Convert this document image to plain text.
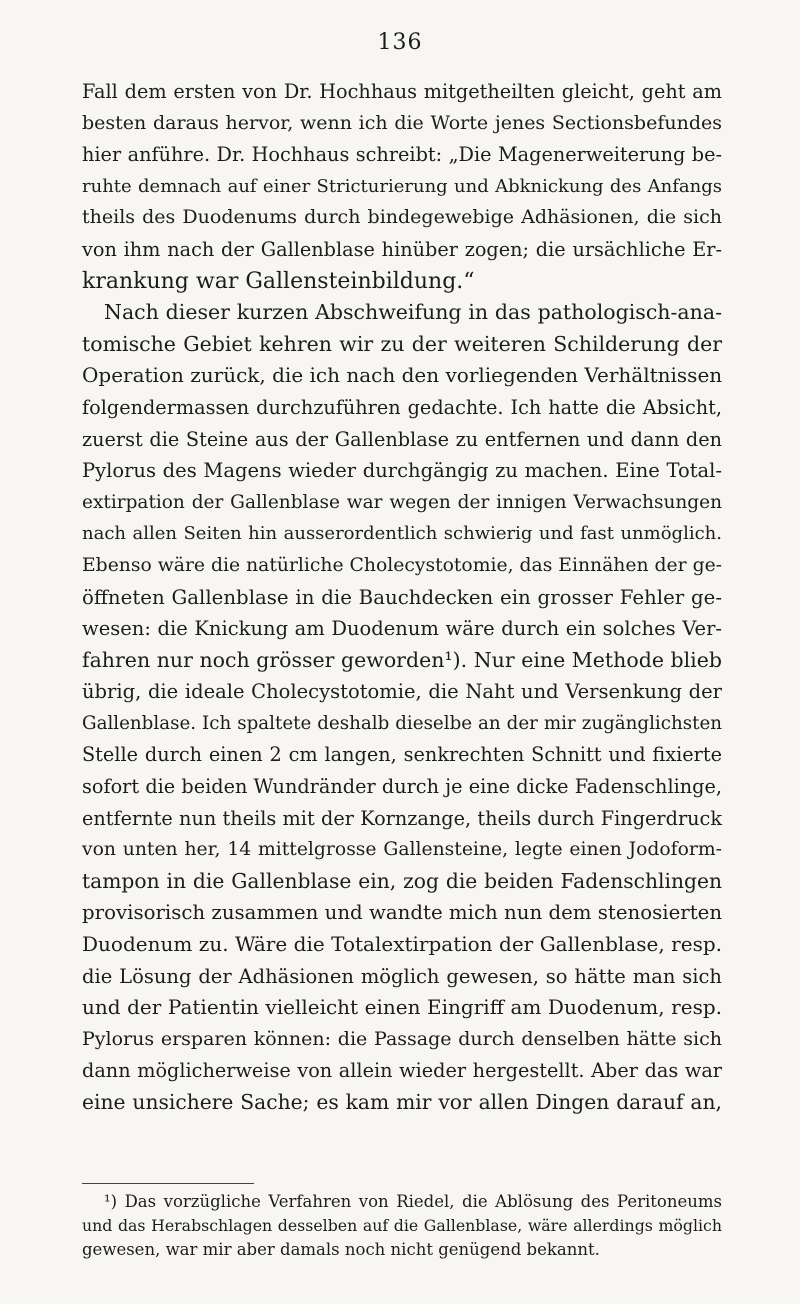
136
Fall dem ersten von Dr. Hochhaus mitgetheilten gleicht, geht am
besten daraus hervor, wenn ich die Worte jenes Sectionsbefundes
hier anführe. Dr. Hochhaus schreibt: „Die Magenerweiterung be-
ruhte demnach auf einer Stricturierung und Abknickung des Anfangs
theils des Duodenums durch bindegewebige Adhäsionen, die sich
von ihm nach der Gallenblase hinüber zogen; die ursächliche Er-
krankung war Gallensteinbildung.“
Nach dieser kurzen Abschweifung in das pathologisch-ana-
tomische Gebiet kehren wir zu der weiteren Schilderung der
Operation zurück, die ich nach den vorliegenden Verhältnissen
folgendermassen durchzuführen gedachte. Ich hatte die Absicht,
zuerst die Steine aus der Gallenblase zu entfernen und dann den
Pylorus des Magens wieder durchgängig zu machen. Eine Total-
extirpation der Gallenblase war wegen der innigen Verwachsungen
nach allen Seiten hin ausserordentlich schwierig und fast unmöglich.
Ebenso wäre die natürliche Cholecystotomie, das Einnähen der ge-
öffneten Gallenblase in die Bauchdecken ein grosser Fehler ge-
wesen: die Knickung am Duodenum wäre durch ein solches Ver-
fahren nur noch grösser geworden¹). Nur eine Methode blieb
übrig, die ideale Cholecystotomie, die Naht und Versenkung der
Gallenblase. Ich spaltete deshalb dieselbe an der mir zugänglichsten
Stelle durch einen 2 cm langen, senkrechten Schnitt und fixierte
sofort die beiden Wundränder durch je eine dicke Fadenschlinge,
entfernte nun theils mit der Kornzange, theils durch Fingerdruck
von unten her, 14 mittelgrosse Gallensteine, legte einen Jodoform-
tampon in die Gallenblase ein, zog die beiden Fadenschlingen
provisorisch zusammen und wandte mich nun dem stenosierten
Duodenum zu. Wäre die Totalextirpation der Gallenblase, resp.
die Lösung der Adhäsionen möglich gewesen, so hätte man sich
und der Patientin vielleicht einen Eingriff am Duodenum, resp.
Pylorus ersparen können: die Passage durch denselben hätte sich
dann möglicherweise von allein wieder hergestellt. Aber das war
eine unsichere Sache; es kam mir vor allen Dingen darauf an,
¹) Das vorzügliche Verfahren von Riedel, die Ablösung des Peritoneums
und das Herabschlagen desselben auf die Gallenblase, wäre allerdings möglich
gewesen, war mir aber damals noch nicht genügend bekannt.
